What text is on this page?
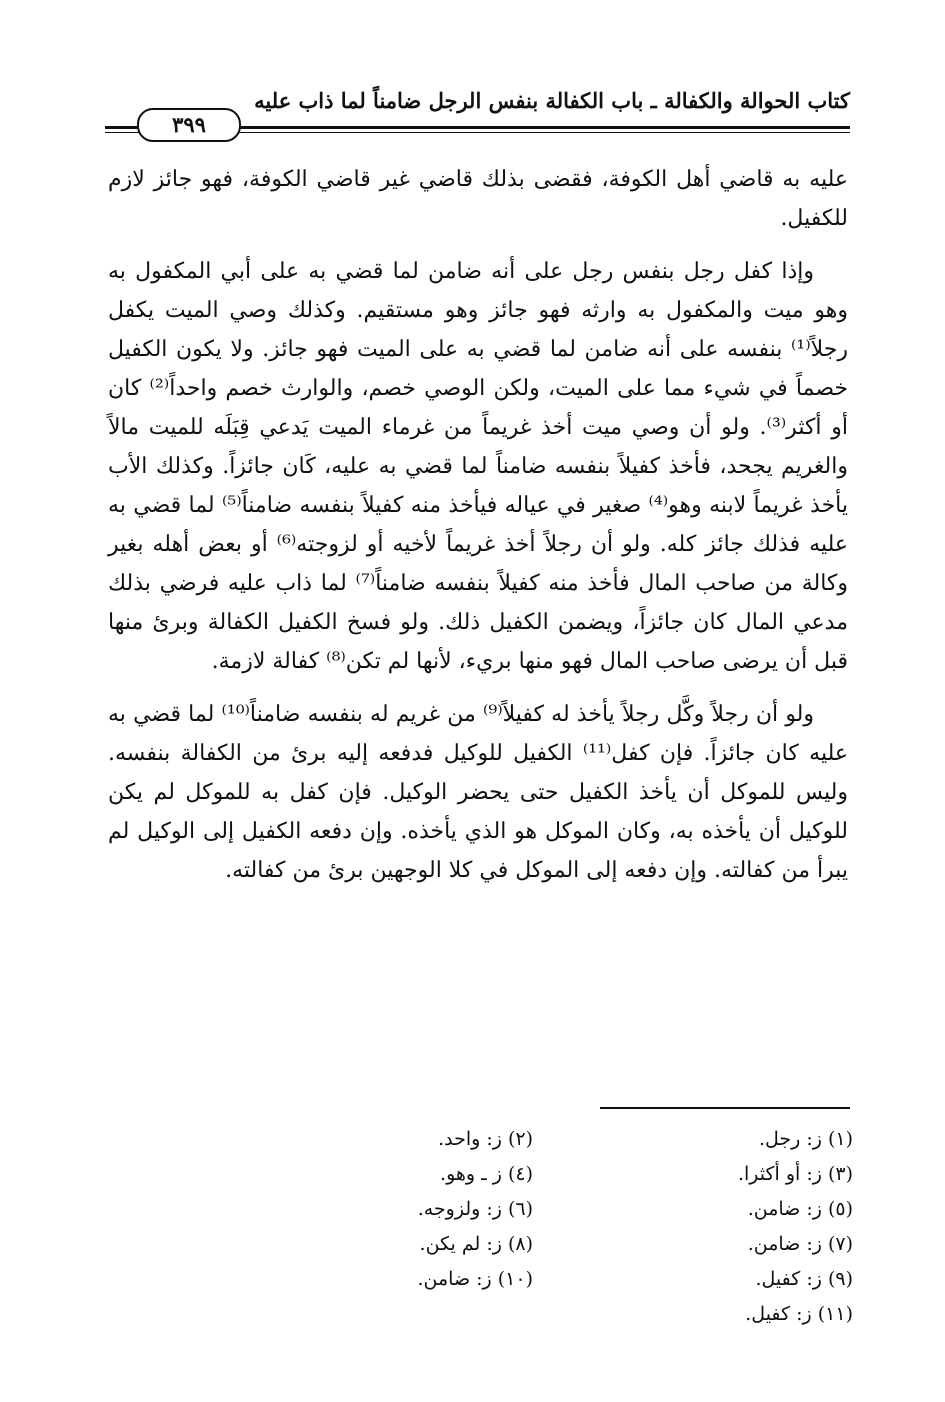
كتاب الحوالة والكفالة ـ باب الكفالة بنفس الرجل ضامناً لما ذاب عليه
٣٩٩

عليه به قاضي أهل الكوفة، فقضى بذلك قاضي غير قاضي الكوفة، فهو جائز لازم للكفيل.

وإذا كفل رجل بنفس رجل على أنه ضامن لما قضي به على أبي المكفول به وهو ميت والمكفول به وارثه فهو جائز وهو مستقيم. وكذلك وصي الميت يكفل رجلاً⁽¹⁾ بنفسه على أنه ضامن لما قضي به على الميت فهو جائز. ولا يكون الكفيل خصماً في شيء مما على الميت، ولكن الوصي خصم، والوارث خصم واحداً⁽²⁾ كان أو أكثر⁽³⁾. ولو أن وصي ميت أخذ غريماً من غرماء الميت يَدعي قِبَلَه للميت مالاً والغريم يجحد، فأخذ كفيلاً بنفسه ضامناً لما قضي به عليه، كَان جائزاً. وكذلك الأب يأخذ غريماً لابنه وهو⁽⁴⁾ صغير في عياله فيأخذ منه كفيلاً بنفسه ضامناً⁽⁵⁾ لما قضي به عليه فذلك جائز كله. ولو أن رجلاً أخذ غريماً لأخيه أو لزوجته⁽⁶⁾ أو بعض أهله بغير وكالة من صاحب المال فأخذ منه كفيلاً بنفسه ضامناً⁽⁷⁾ لما ذاب عليه فرضي بذلك مدعي المال كان جائزاً، ويضمن الكفيل ذلك. ولو فسخ الكفيل الكفالة وبرئ منها قبل أن يرضى صاحب المال فهو منها بريء، لأنها لم تكن⁽⁸⁾ كفالة لازمة.

ولو أن رجلاً وكَّل رجلاً يأخذ له كفيلاً⁽⁹⁾ من غريم له بنفسه ضامناً⁽¹⁰⁾ لما قضي به عليه كان جائزاً. فإن كفل⁽¹¹⁾ الكفيل للوكيل فدفعه إليه برئ من الكفالة بنفسه. وليس للموكل أن يأخذ الكفيل حتى يحضر الوكيل. فإن كفل به للموكل لم يكن للوكيل أن يأخذه به، وكان الموكل هو الذي يأخذه. وإن دفعه الكفيل إلى الوكيل لم يبرأ من كفالته. وإن دفعه إلى الموكل في كلا الوجهين برئ من كفالته.

(١) ز: رجل.
(٢) ز: واحد.
(٣) ز: أو أكثرا.
(٤) ز ـ وهو.
(٥) ز: ضامن.
(٦) ز: ولزوجه.
(٧) ز: ضامن.
(٨) ز: لم يكن.
(٩) ز: كفيل.
(١٠) ز: ضامن.
(١١) ز: كفيل.
